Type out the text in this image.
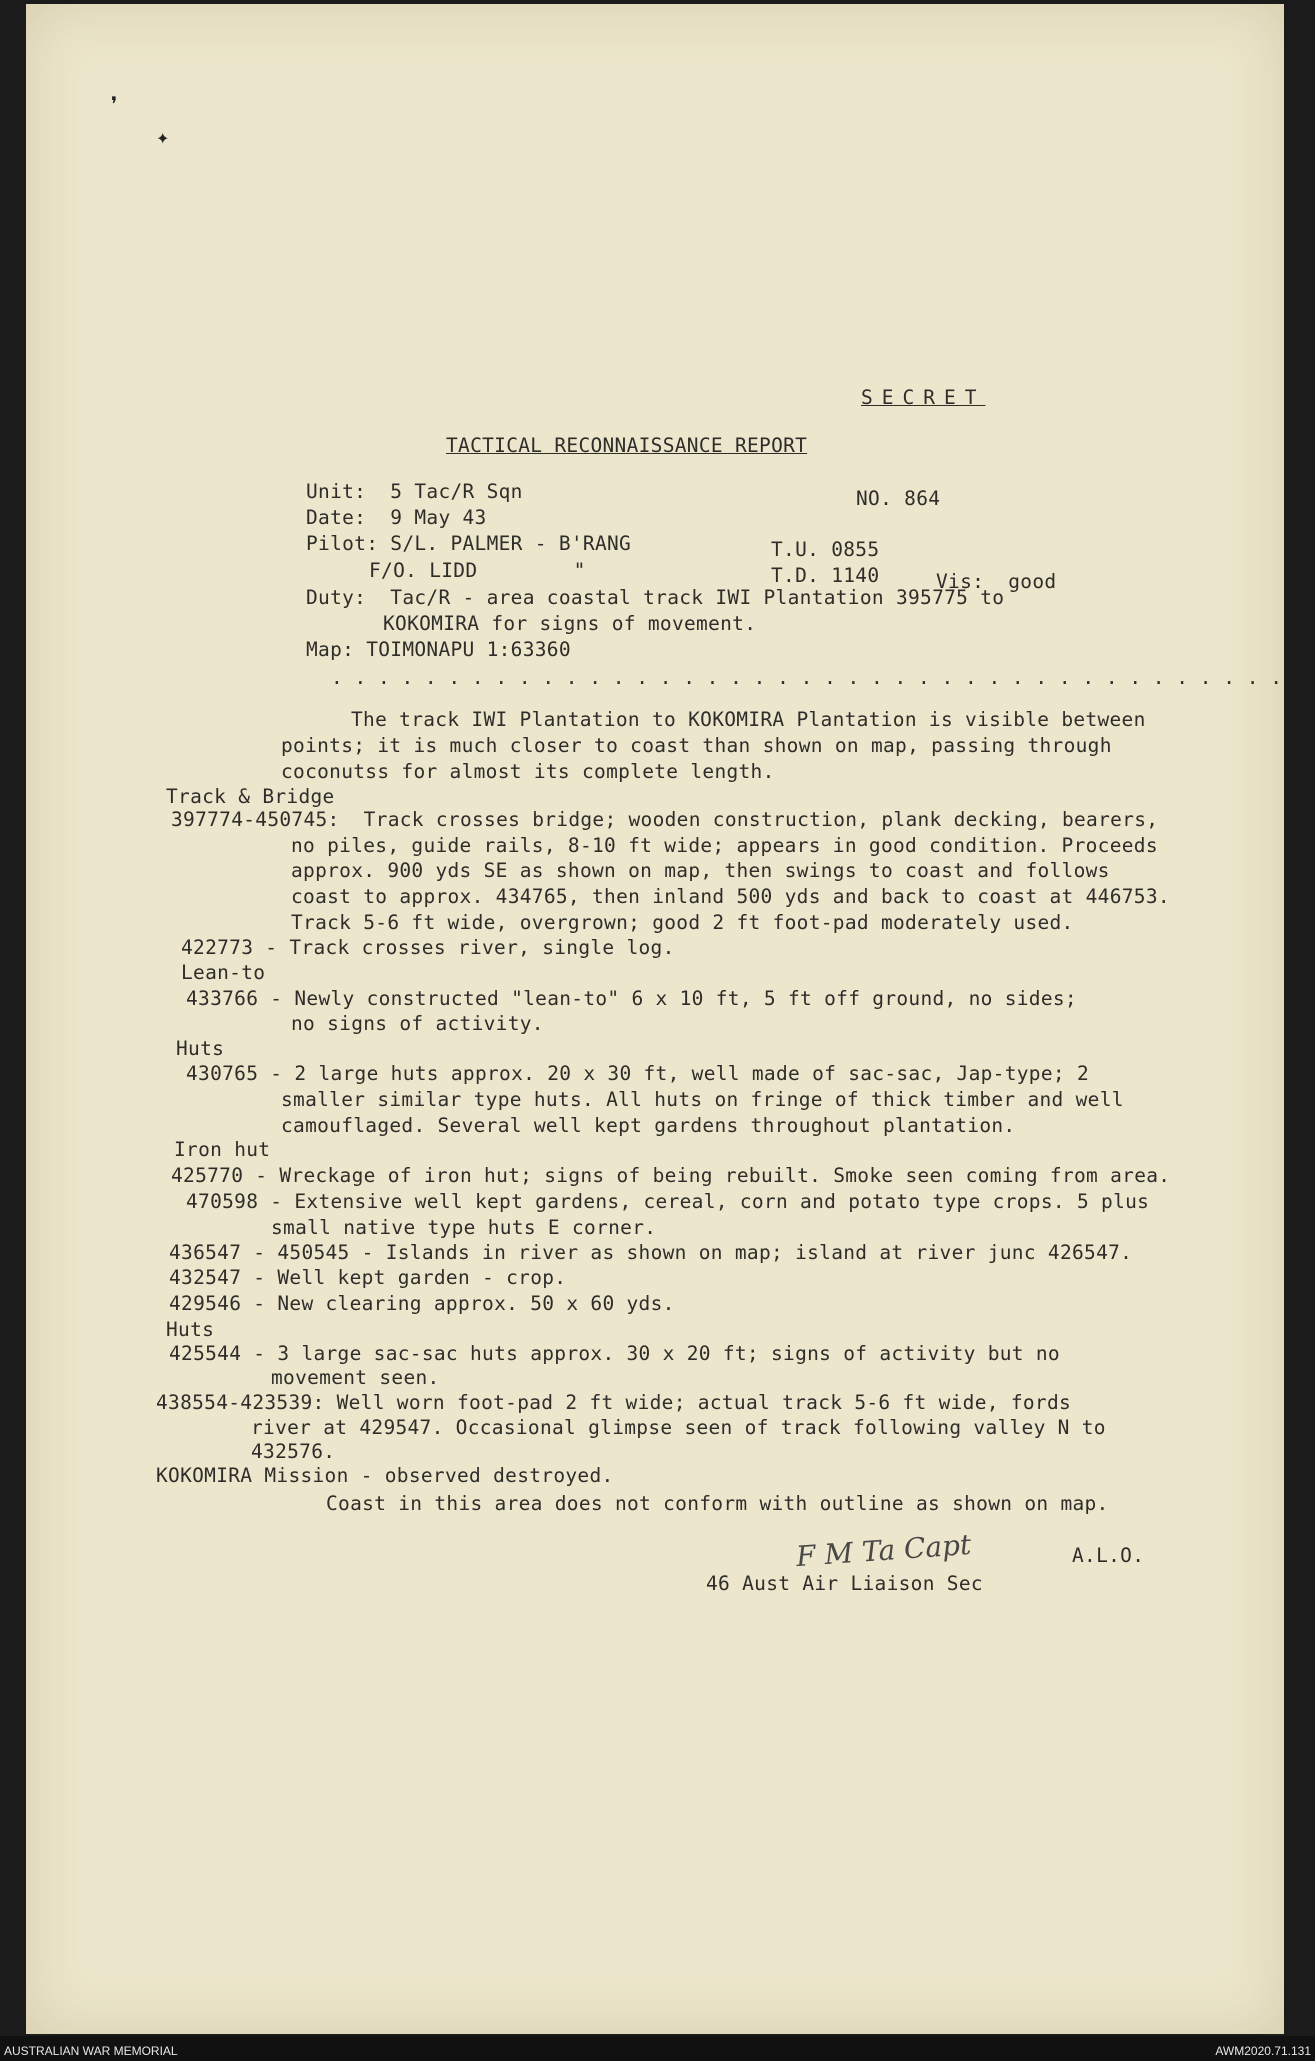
❜
✦
SECRET
TACTICAL RECONNAISSANCE REPORT
Unit:  5 Tac/R Sqn	NO. 864
Date:  9 May 43
Pilot: S/L. PALMER - B'RANG	T.U. 0855
F/O. LIDD        "	T.D. 1140	Vis:  good
Duty:  Tac/R - area coastal track IWI Plantation 395775 to
KOKOMIRA for signs of movement.
Map: TOIMONAPU 1:63360
. . . . . . . . . . . . . . . . . . . . . . . . . . . . . . . . . . . . . . . . .
The track IWI Plantation to KOKOMIRA Plantation is visible between
points; it is much closer to coast than shown on map, passing through
coconutss for almost its complete length.
Track & Bridge
397774-450745:  Track crosses bridge; wooden construction, plank decking, bearers,
no piles, guide rails, 8-10 ft wide; appears in good condition. Proceeds
approx. 900 yds SE as shown on map, then swings to coast and follows
coast to approx. 434765, then inland 500 yds and back to coast at 446753.
Track 5-6 ft wide, overgrown; good 2 ft foot-pad moderately used.
422773 - Track crosses river, single log.
Lean-to
433766 - Newly constructed "lean-to" 6 x 10 ft, 5 ft off ground, no sides;
no signs of activity.
Huts
430765 - 2 large huts approx. 20 x 30 ft, well made of sac-sac, Jap-type; 2
smaller similar type huts. All huts on fringe of thick timber and well
camouflaged. Several well kept gardens throughout plantation.
Iron hut
425770 - Wreckage of iron hut; signs of being rebuilt. Smoke seen coming from area.
470598 - Extensive well kept gardens, cereal, corn and potato type crops. 5 plus
small native type huts E corner.
436547 - 450545 - Islands in river as shown on map; island at river junc 426547.
432547 - Well kept garden - crop.
429546 - New clearing approx. 50 x 60 yds.
Huts
425544 - 3 large sac-sac huts approx. 30 x 20 ft; signs of activity but no
movement seen.
438554-423539: Well worn foot-pad 2 ft wide; actual track 5-6 ft wide, fords
river at 429547. Occasional glimpse seen of track following valley N to
432576.
KOKOMIRA Mission - observed destroyed.
Coast in this area does not conform with outline as shown on map.
F M Ta Capt	A.L.O.
46 Aust Air Liaison Sec
AUSTRALIAN WAR MEMORIAL	AWM2020.71.131
